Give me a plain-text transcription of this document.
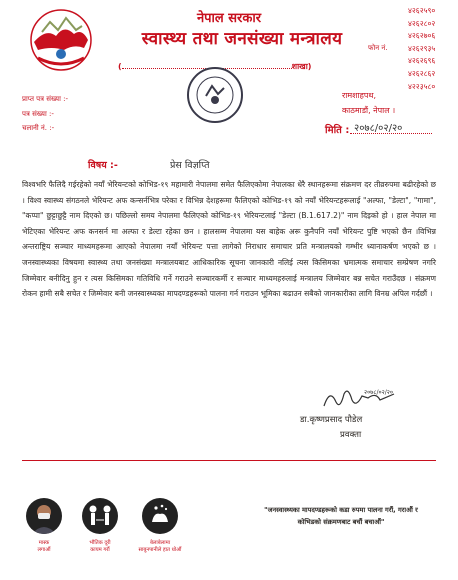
नेपाल सरकार
स्वास्थ्य तथा जनसंख्या मन्त्रालय
(	शाखा)
फोन नं.
४२६२५९०
४२६२८०२
४२६२७०६
४२६२९३५
४२६२६९६
४२६२८६२
४२२३५८०
रामशाहपथ,
काठमाडौं, नेपाल ।
प्राप्त पत्र संख्या :-
पत्र संख्या :-
चलानी नं. :-	मिति : २०७८/०२/२०
विषय :-	प्रेस विज्ञप्ति
विश्वभरि फैलिदै गईरहेको नयाँ भेरियन्टको कोभिड-१९ महामारी नेपालमा समेत फैलिएकोमा नेपालका धेरै स्थानहरूमा संक्रमण दर तीव्ररुपमा बढीरहेको छ । विश्व स्वास्थ्य संगठनले भेरियन्ट अफ कन्सर्नभित्र परेका र विभिन्न देशहरूमा फैलिएको कोभिड-१९ को नयाँ भेरियन्टहरूलाई "अल्फा, "डेल्टा", "गामा", "कप्पा" छुट्टाछुट्टै नाम दिएको छ। पछिल्लो समय नेपालमा फैलिएको कोभिड-१९ भेरियन्टलाई "डेल्टा (B.1.617.2)" नाम दिइको हो । हाल नेपाल मा भेटिएका भेरियन्ट अफ कनसर्न मा अल्फा र डेल्टा रहेका छन । हालसम्म नेपालमा यस बाहेक अरू कुनैपनि नयाँ भेरियन्ट पुष्टि भएको छैन ।विभिन्न अन्तराष्ट्रिय सञ्चार माध्यमहरूमा आएको नेपालमा नयाँ भेरियन्ट पत्ता लागेको निराधार समाचार प्रति मन्त्रालयको गम्भीर ध्यानाकर्षण भएको छ । जनस्वास्थ्यका विषयमा स्वास्थ्य तथा जनसंख्या मन्त्रालयबाट आधिकारिक सूचना जानकारी नलिई त्यस किसिमका भ्रमात्मक समाचार सम्प्रेषण नगरि जिम्मेवार बनीदिनु हुन र त्यस किसिमका गतिविधि गर्ने गराउने सञ्चारकर्मी र सञ्चार माध्यमहरुलाई मन्त्रालय जिम्मेवार बन्न सचेत गराउँदछ । संक्रमण रोकन हामी सबै सचेत र जिम्मेवार बनी जनस्वास्थ्यका मापदण्डहरूको पालना गर्न गराउन भूमिका बढाउन सबैको जानकारीका लागि विनम्र अपिल गर्दछौं ।
२०७८/०२/२०
डा.कृष्णप्रसाद पौडेल
प्रवक्ता
मास्क
लगाऔं
भौतिक दूरी
कायम गरौं
बेलाबेलामा
साबुनपानीले हात धोऔं
"जनस्वास्थ्यका मापदण्डहरूको कडा रुपमा पालना गरौं, गराऔं र
कोभिडको संक्रमणबाट बचौं बचाऔं"
